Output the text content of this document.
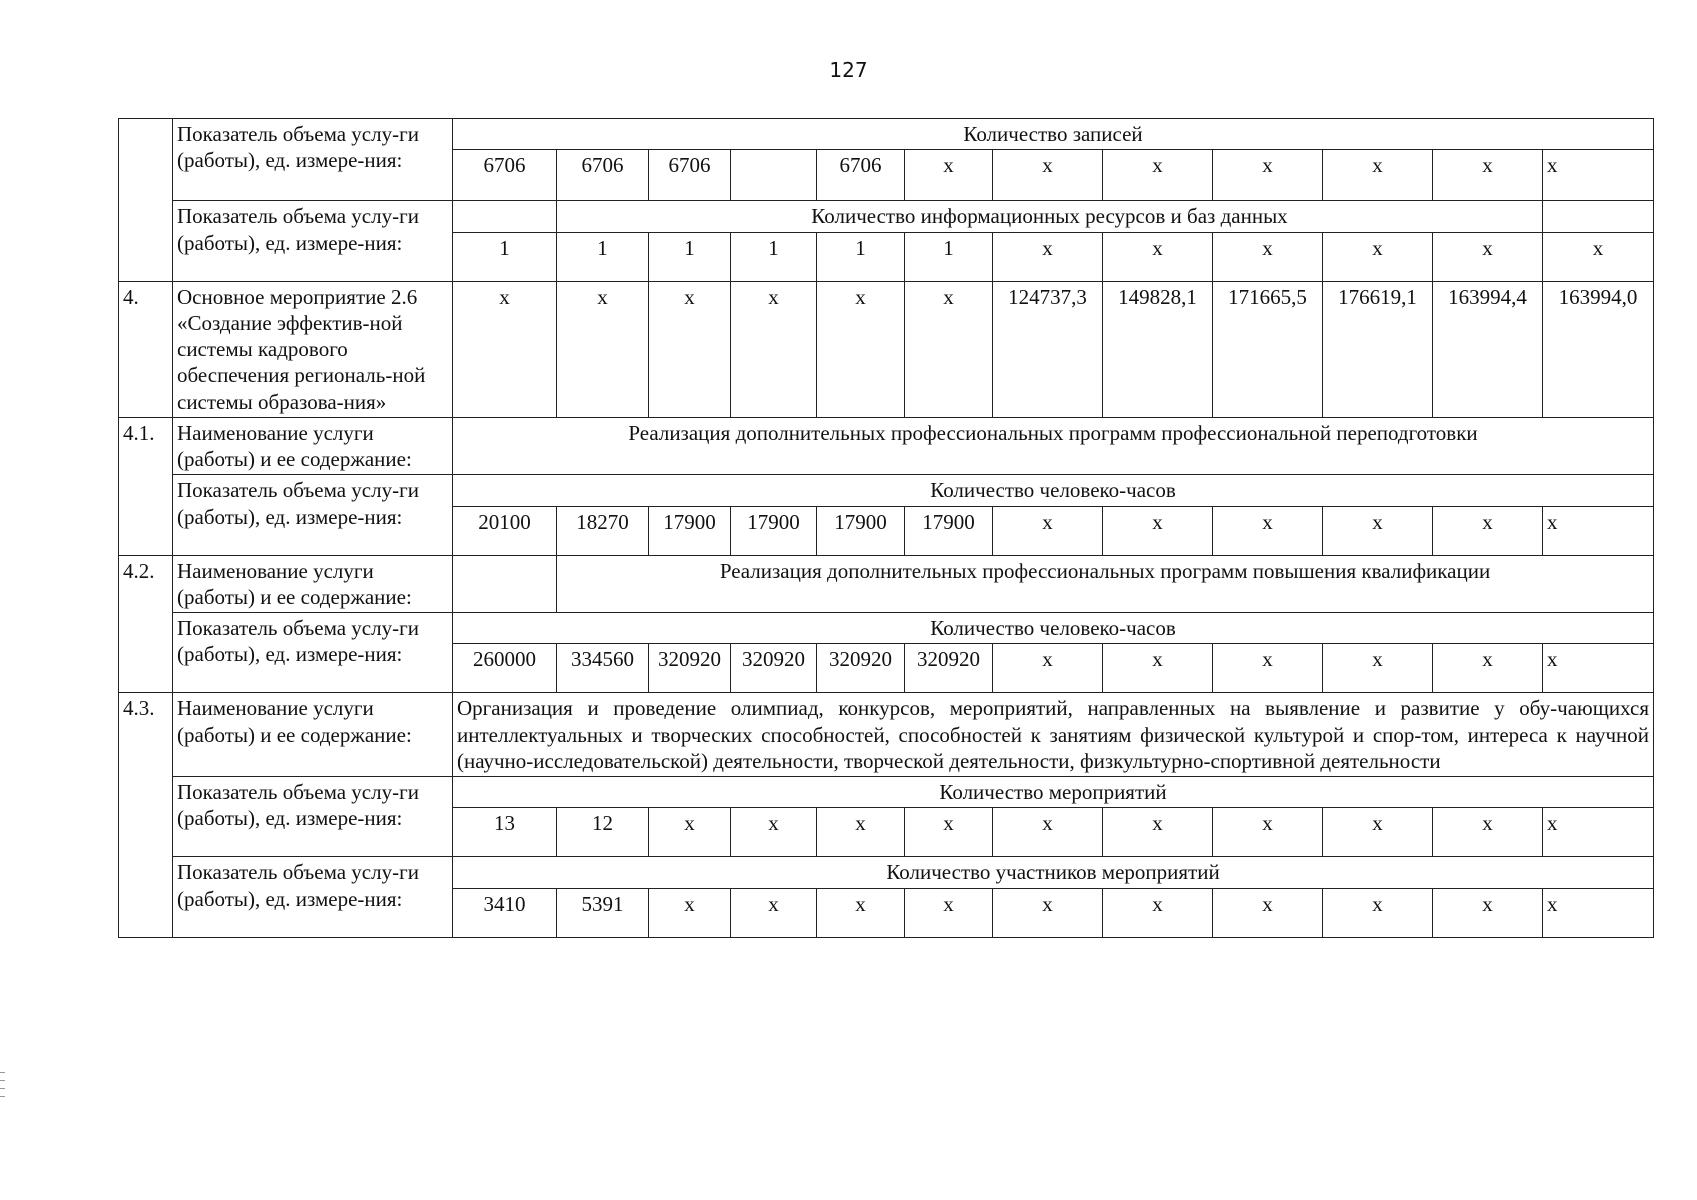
127
	Показатель объема услу-ги (работы), ед. измере-ния:	Количество записей											
		6706	6706	6706		6706	х	х	х	х	х	х	х
	Показатель объема услу-ги (работы), ед. измере-ния:		Количество информационных ресурсов и баз данных										
		1	1	1	1	1	1	х	х	х	х	х	х
4.	Основное мероприятие 2.6 «Создание эффектив-ной системы кадрового обеспечения региональ-ной системы образова-ния»	х	х	х	х	х	х	124737,3	149828,1	171665,5	176619,1	163994,4	163994,0
4.1.	Наименование услуги (работы) и ее содержание:	Реализация дополнительных профессиональных программ профессиональной переподготовки											
	Показатель объема услу-ги (работы), ед. измере-ния:	Количество человеко-часов											
		20100	18270	17900	17900	17900	17900	х	х	х	х	х	х
4.2.	Наименование услуги (работы) и ее содержание:		Реализация дополнительных профессиональных программ повышения квалификации										
	Показатель объема услу-ги (работы), ед. измере-ния:	Количество человеко-часов											
		260000	334560	320920	320920	320920	320920	х	х	х	х	х	х
4.3.	Наименование услуги (работы) и ее содержание:	Организация и проведение олимпиад, конкурсов, мероприятий, направленных на выявление и развитие у обу-чающихся интеллектуальных и творческих способностей, способностей к занятиям физической культурой и спор-том, интереса к научной (научно-исследовательской) деятельности, творческой деятельности, физкультурно-спортивной деятельности											
	Показатель объема услу-ги (работы), ед. измере-ния:	Количество мероприятий											
		13	12	х	х	х	х	х	х	х	х	х	х
	Показатель объема услу-ги (работы), ед. измере-ния:	Количество участников мероприятий											
		3410	5391	х	х	х	х	х	х	х	х	х	х
